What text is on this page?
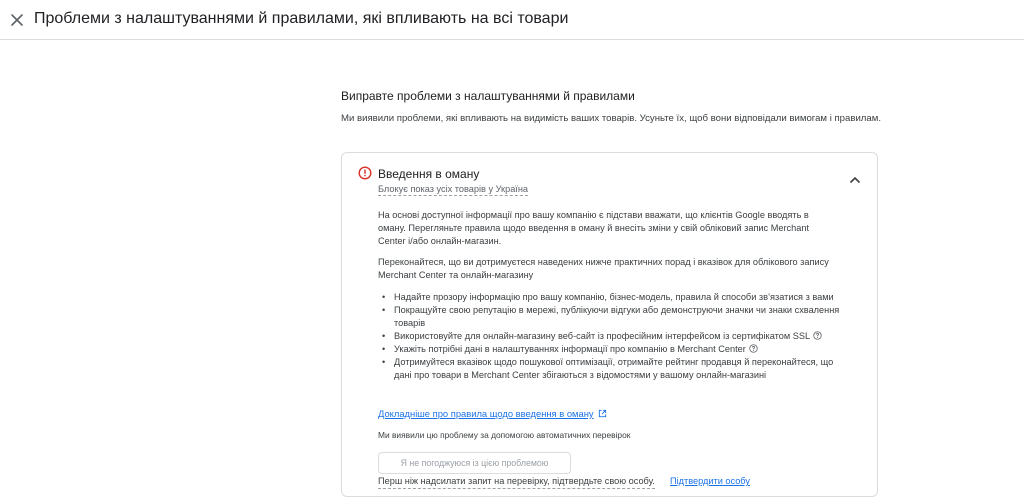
Проблеми з налаштуваннями й правилами, які впливають на всі товари
Виправте проблеми з налаштуваннями й правилами
Ми виявили проблеми, які впливають на видимість ваших товарів. Усуньте їх, щоб вони відповідали вимогам і правилам.
Введення в оману
Блокує показ усіх товарів у Україна
На основі доступної інформації про вашу компанію є підстави вважати, що клієнтів Google вводять в оману. Перегляньте правила щодо введення в оману й внесіть зміни у свій обліковий запис Merchant Center і/або онлайн-магазин.
Переконайтеся, що ви дотримуєтеся наведених нижче практичних порад і вказівок для облікового запису Merchant Center та онлайн-магазину
• Надайте прозору інформацію про вашу компанію, бізнес-модель, правила й способи зв’язатися з вами
• Покращуйте свою репутацію в мережі, публікуючи відгуки або демонструючи значки чи знаки схвалення товарів
• Використовуйте для онлайн-магазину веб-сайт із професійним інтерфейсом із сертифікатом SSL
• Укажіть потрібні дані в налаштуваннях інформації про компанію в Merchant Center
• Дотримуйтеся вказівок щодо пошукової оптимізації, отримайте рейтинг продавця й переконайтеся, що дані про товари в Merchant Center збігаються з відомостями у вашому онлайн-магазині
Докладніше про правила щодо введення в оману
Ми виявили цю проблему за допомогою автоматичних перевірок
Я не погоджуюся із цією проблемою
Перш ніж надсилати запит на перевірку, підтвердьте свою особу. Підтвердити особу
